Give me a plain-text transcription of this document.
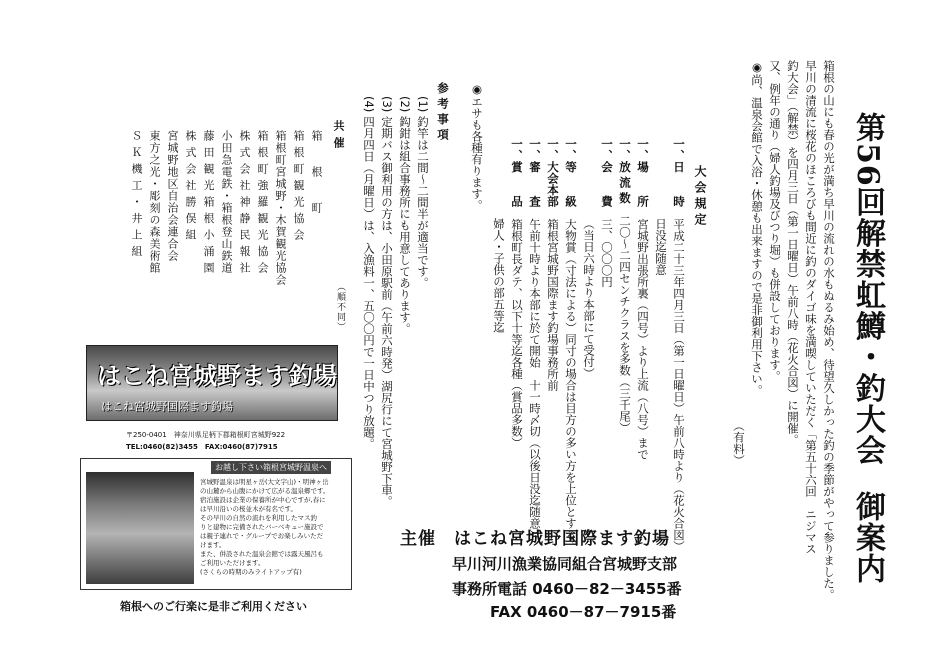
第56回解禁虹鱒・釣大会 御案内
箱根の山にも春の光が満ち早川の流れの水もぬるみ始め、待望久しかった釣の季節がやって参りました。
早川の清流に桜花のほころびも間近に釣のダイゴ味を満喫していただく「第五十六回　ニジマス
釣大会」（解禁）を四月三日（第一日曜日）午前八時（花火合図）に開催。
又、例年の通り（婦人釣場及びつり堀）も併設しております。
◉尚、温泉会館で入浴・休憩も出来ますので是非御利用下さい。
（有料）
大会規定
一、日　　時　平成二十三年四月三日（第一日曜日）午前八時より（花火合図）
日没迄随意
一、場　　所　宮城野出張所裏（四号）より上流（八号）まで
一、放 流 数　二〇～二四センチクラスを多数（三千尾）
一、会　　費　三、〇〇〇円
（当日六時より本部にて受付）
一、等　　級　大物賞（寸法による）同寸の場合は目方の多い方を上位とする。
一、大会本部　箱根宮城野国際ます釣場事務所前
一、審　　査　午前十時より本部に於て開始　十一時〆切（以後日没迄随意）
一、賞　　品　箱根町長ダテ、以下十等迄各種（賞品多数）
婦人・子供の部五等迄
◉エサも各種有ります。
参考事項
(1) 釣竿は二間～二間半が適当です。
(2) 鈎鉗は組合事務所にも用意してあります。
(3) 定期バス御利用の方は、小田原駅前（午前六時発）湖尻行にて宮城野下車。
(4) 四月四日（月曜日）は、入漁料一、五〇〇円で一日中つり放題。
共催
箱　　根　　町
箱 根 町 観 光 協 会
箱根町宮城野・木賀観光協会
箱 根 町 強 羅 観 光 協 会
株 式 会 社 神 静 民 報 社
小田急電鉄・箱根登山鉄道
藤 田 観 光 箱 根 小 涌 園
株 式 会 社 勝 俣 組
宮城野地区自治会連合会
東方之光・彫刻の森美術館
Ｓ Ｋ 機 工 ・ 井 上 組
（順不同）
主催　 はこね宮城野国際ます釣場
早川河川漁業協同組合宮城野支部
事務所電話 0460－82－3455番
FAX 0460－87－7915番
はこね宮城野ます釣場
はこね宮城野国際ます釣場
〒250-0401　神奈川県足柄下郡箱根町宮城野922
TEL:0460(82)3455　FAX:0460(87)7915
お越し下さい箱根宮城野温泉へ
宮城野温泉は明星ヶ岳(大文字山)・明神ヶ岳
の山麓から山腹にかけて広がる温泉郷です。
宿泊施設は企業の保養所が中心ですが,春に
は早川沿いの桜並木が有名です。
その早川の自然の流れを利用したマス釣
りと建物に完備されたバーベキュー施設で
は親子連れで・グループでお楽しみいただ
けます。
また、併設された温泉会館では露天風呂も
ご利用いただけます。
(さくらの時期のみライトアップ有)
箱根へのご行楽に是非ご利用ください
